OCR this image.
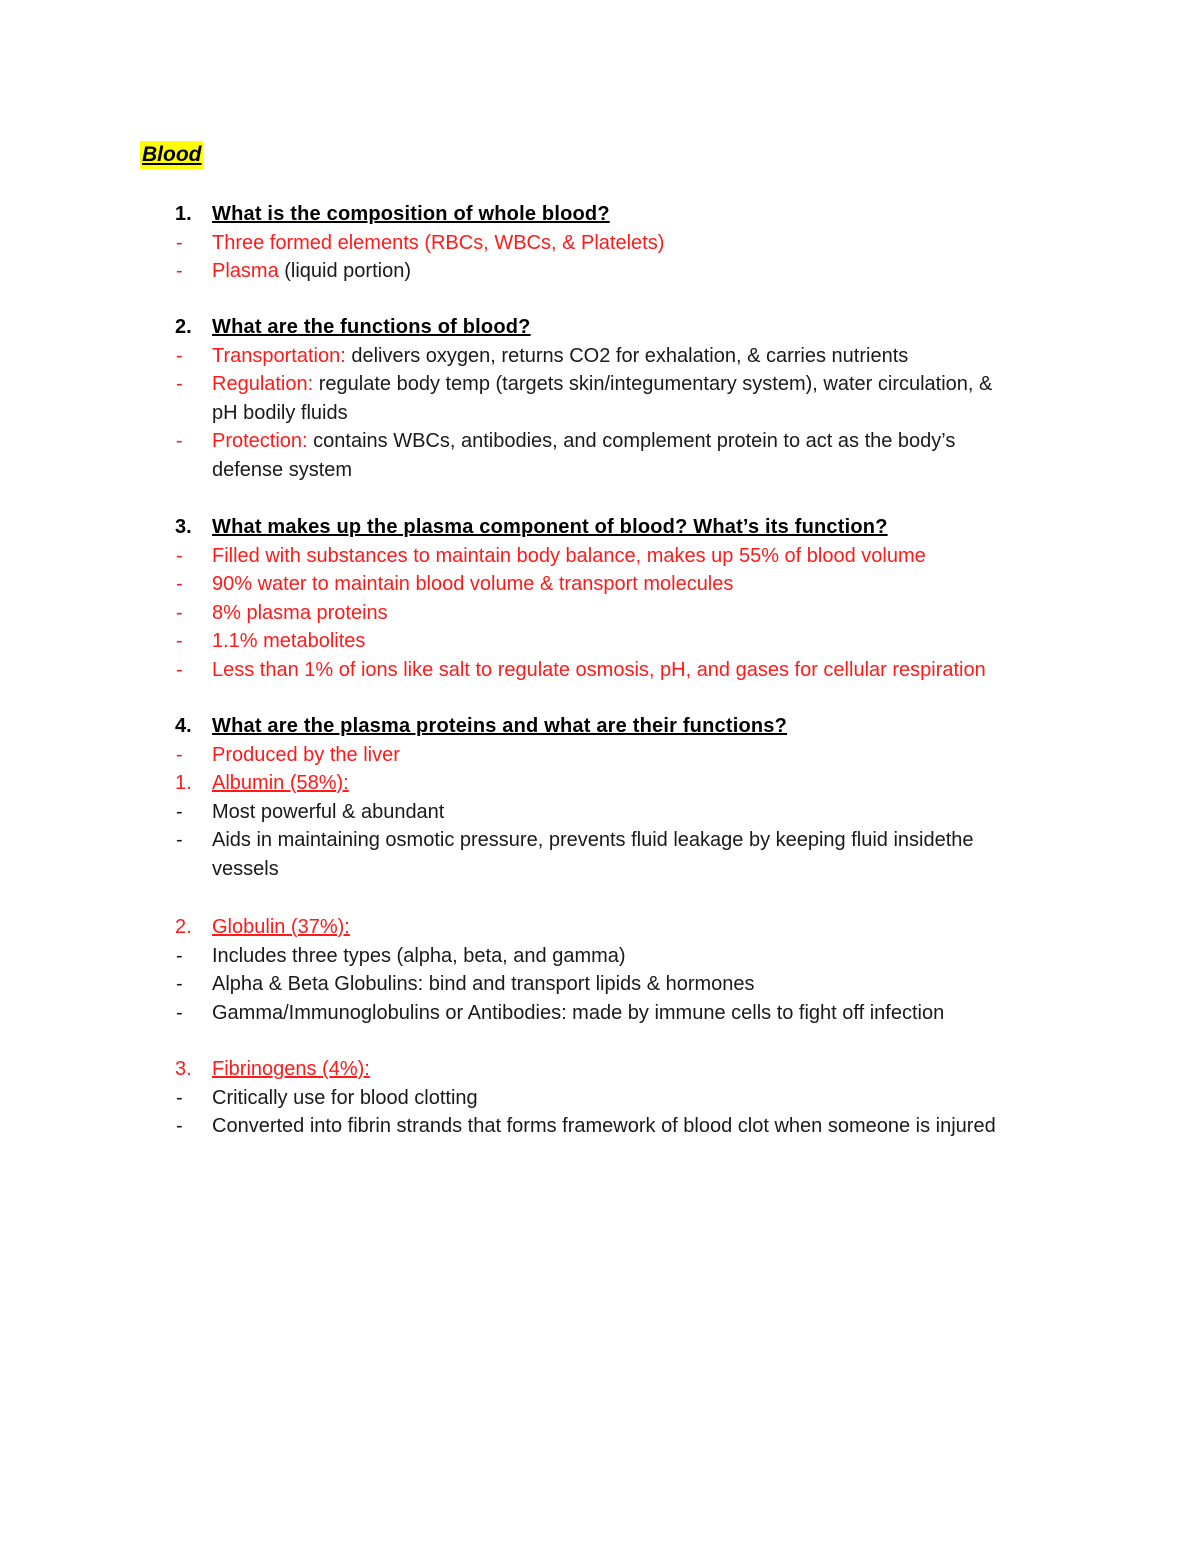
Blood
1. What is the composition of whole blood?
- Three formed elements (RBCs, WBCs, & Platelets)
- Plasma (liquid portion)
2. What are the functions of blood?
- Transportation: delivers oxygen, returns CO2 for exhalation, & carries nutrients
- Regulation: regulate body temp (targets skin/integumentary system), water circulation, &
pH bodily fluids
- Protection: contains WBCs, antibodies, and complement protein to act as the body’s
defense system
3. What makes up the plasma component of blood? What’s its function?
- Filled with substances to maintain body balance, makes up 55% of blood volume
- 90% water to maintain blood volume & transport molecules
- 8% plasma proteins
- 1.1% metabolites
- Less than 1% of ions like salt to regulate osmosis, pH, and gases for cellular respiration
4. What are the plasma proteins and what are their functions?
- Produced by the liver
1. Albumin (58%):
- Most powerful & abundant
- Aids in maintaining osmotic pressure, prevents fluid leakage by keeping fluid insidethe
vessels
2. Globulin (37%):
- Includes three types (alpha, beta, and gamma)
- Alpha & Beta Globulins: bind and transport lipids & hormones
- Gamma/Immunoglobulins or Antibodies: made by immune cells to fight off infection
3. Fibrinogens (4%):
- Critically use for blood clotting
- Converted into fibrin strands that forms framework of blood clot when someone is injured
